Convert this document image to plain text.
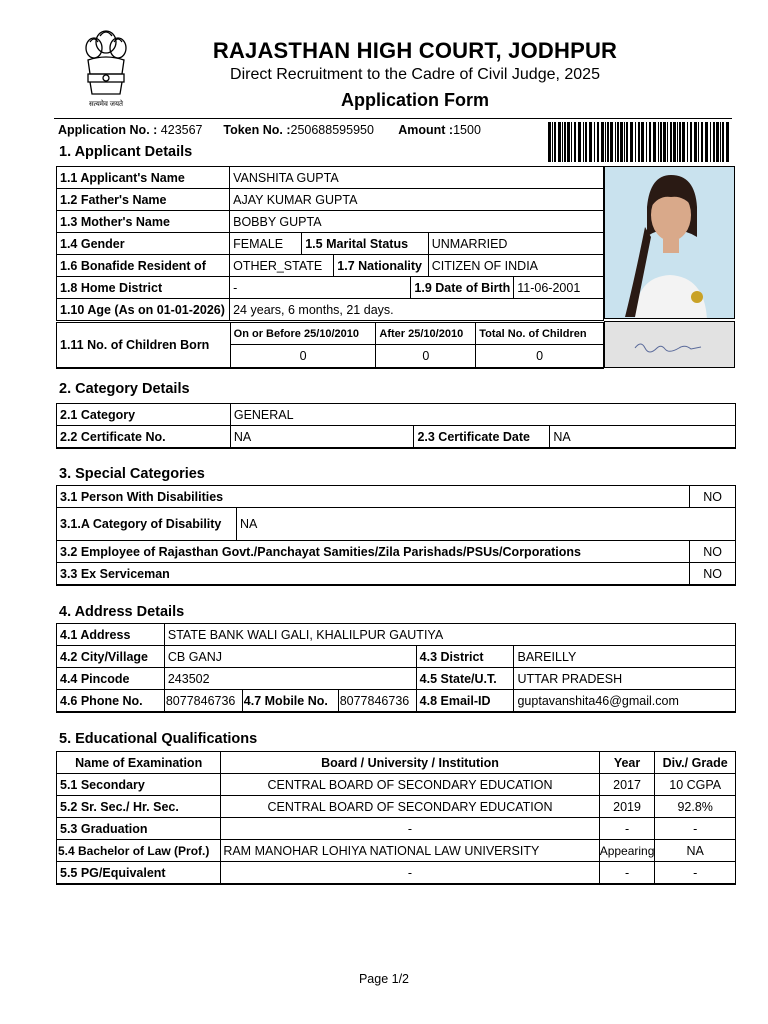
सत्यमेव जयते
RAJASTHAN HIGH COURT, JODHPUR
Direct Recruitment to the Cadre of Civil Judge, 2025
Application Form
Application No. : 423567 Token No. :250688595950 Amount :1500
1. Applicant Details
1.1 Applicant's Name	VANSHITA GUPTA					
1.2 Father's Name	AJAY KUMAR GUPTA					
1.3 Mother's Name	BOBBY GUPTA					
1.4 Gender	FEMALE	1.5 Marital Status			UNMARRIED	
1.6 Bonafide Resident of	OTHER_STATE		1.7 Nationality		CITIZEN OF INDIA	
1.8 Home District	-			1.9 Date of Birth		11-06-2001
1.10 Age (As on 01-01-2026)	24 years, 6 months, 21 days.					
1.11 No. of Children Born	On or Before 25/10/2010	After 25/10/2010	Total No. of Children
	0	0	0
2. Category Details
2.1 Category	GENERAL		
2.2 Certificate No.	NA	2.3 Certificate Date	NA
3. Special Categories
3.1 Person With Disabilities		NO
3.1.A Category of Disability	NA	
3.2 Employee of Rajasthan Govt./Panchayat Samities/Zila Parishads/PSUs/Corporations		NO
3.3 Ex Serviceman		NO
4. Address Details
4.1 Address	STATE BANK WALI GALI, KHALILPUR GAUTIYA				
4.2 City/Village	CB GANJ			4.3 District	BAREILLY
4.4 Pincode	243502			4.5 State/U.T.	UTTAR PRADESH
4.6 Phone No.	8077846736	4.7 Mobile No.	8077846736	4.8 Email-ID	guptavanshita46@gmail.com
5. Educational Qualifications
Name of Examination	Board / University / Institution	Year	Div./ Grade
5.1 Secondary	CENTRAL BOARD OF SECONDARY EDUCATION	2017	10 CGPA
5.2 Sr. Sec./ Hr. Sec.	CENTRAL BOARD OF SECONDARY EDUCATION	2019	92.8%
5.3 Graduation	-	-	-
5.4 Bachelor of Law (Prof.)	RAM MANOHAR LOHIYA NATIONAL LAW UNIVERSITY	Appearing	NA
5.5 PG/Equivalent	-	-	-
Page 1/2
